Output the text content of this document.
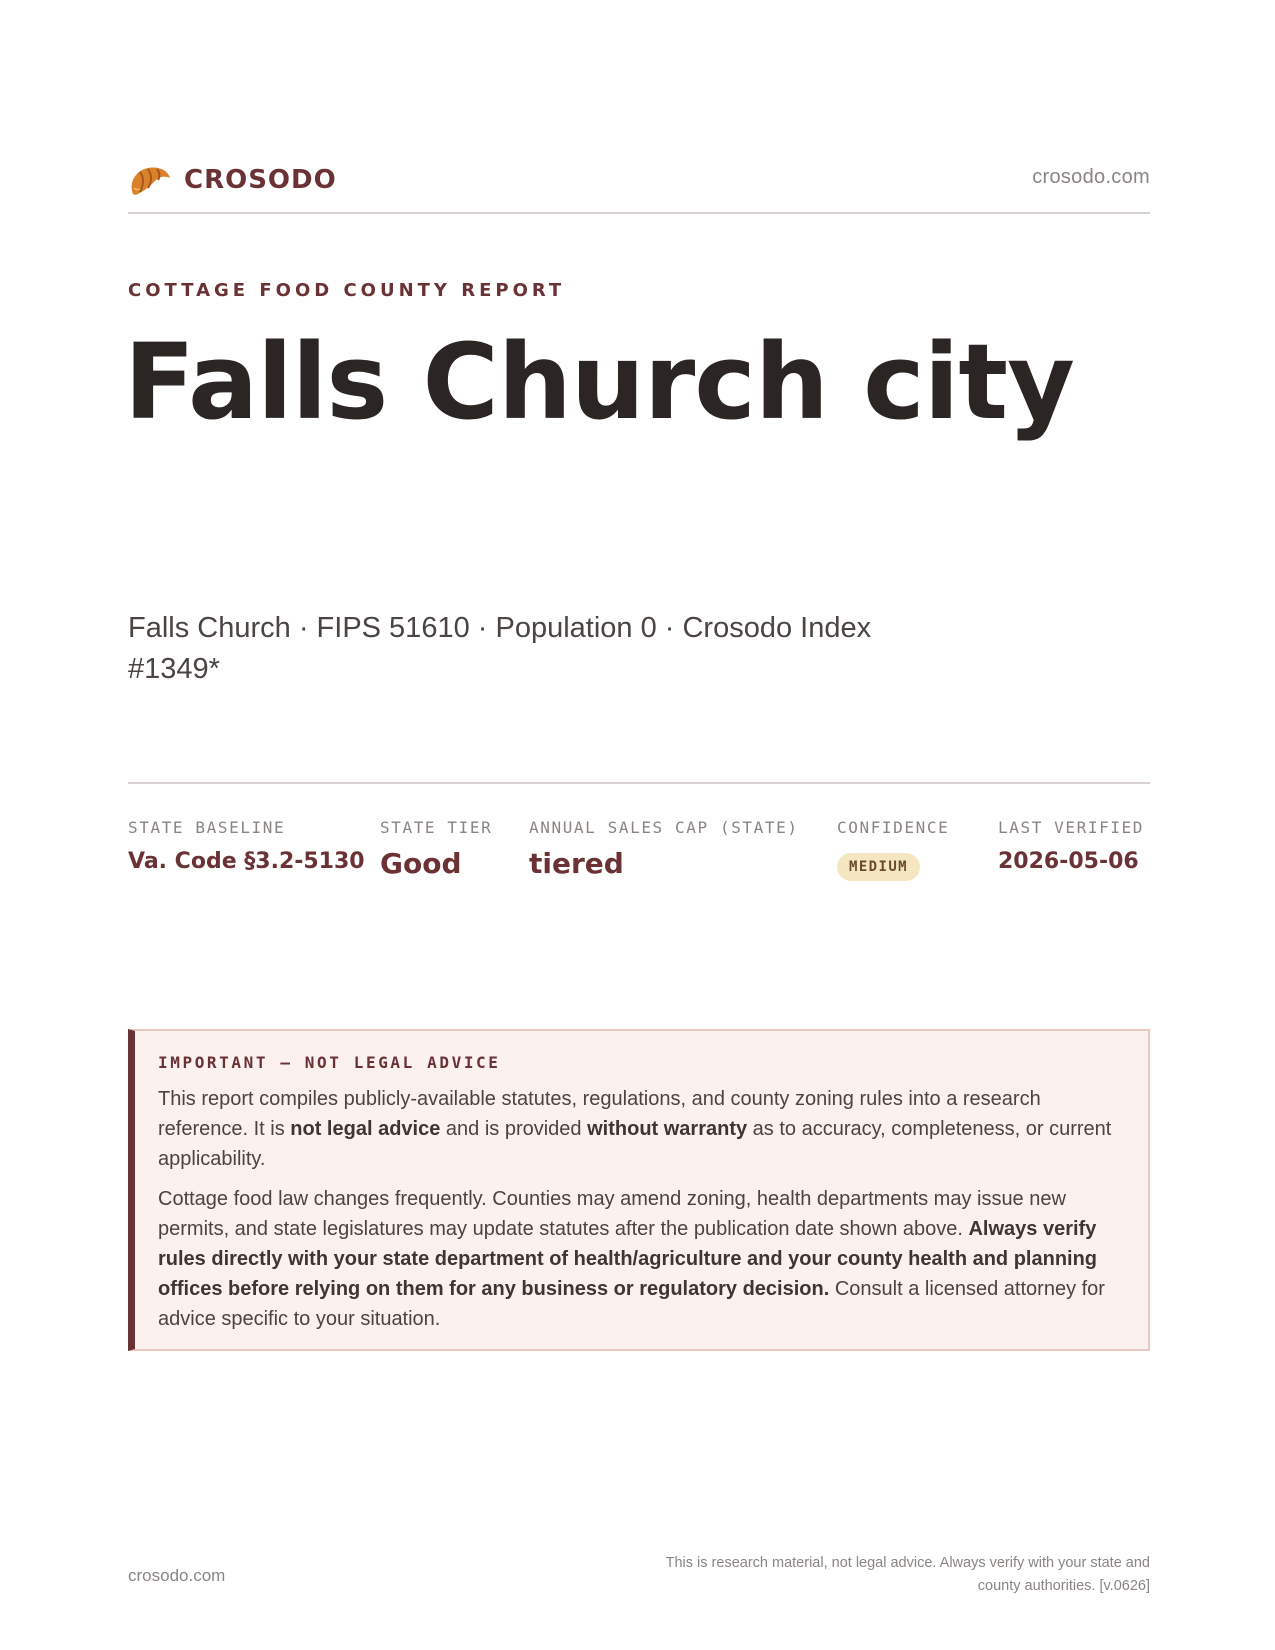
CROSODO	crosodo.com
COTTAGE FOOD COUNTY REPORT
Falls Church city
Falls Church · FIPS 51610 · Population 0 · Crosodo Index #1349*
STATE BASELINE
Va. Code §3.2-5130
STATE TIER
Good
ANNUAL SALES CAP (STATE)
tiered
CONFIDENCE
MEDIUM
LAST VERIFIED
2026-05-06
IMPORTANT — NOT LEGAL ADVICE

This report compiles publicly-available statutes, regulations, and county zoning rules into a research reference. It is not legal advice and is provided without warranty as to accuracy, completeness, or current applicability.

Cottage food law changes frequently. Counties may amend zoning, health departments may issue new permits, and state legislatures may update statutes after the publication date shown above. Always verify rules directly with your state department of health/agriculture and your county health and planning offices before relying on them for any business or regulatory decision. Consult a licensed attorney for advice specific to your situation.

crosodo.com
This is research material, not legal advice. Always verify with your state and county authorities. [v.0626]
